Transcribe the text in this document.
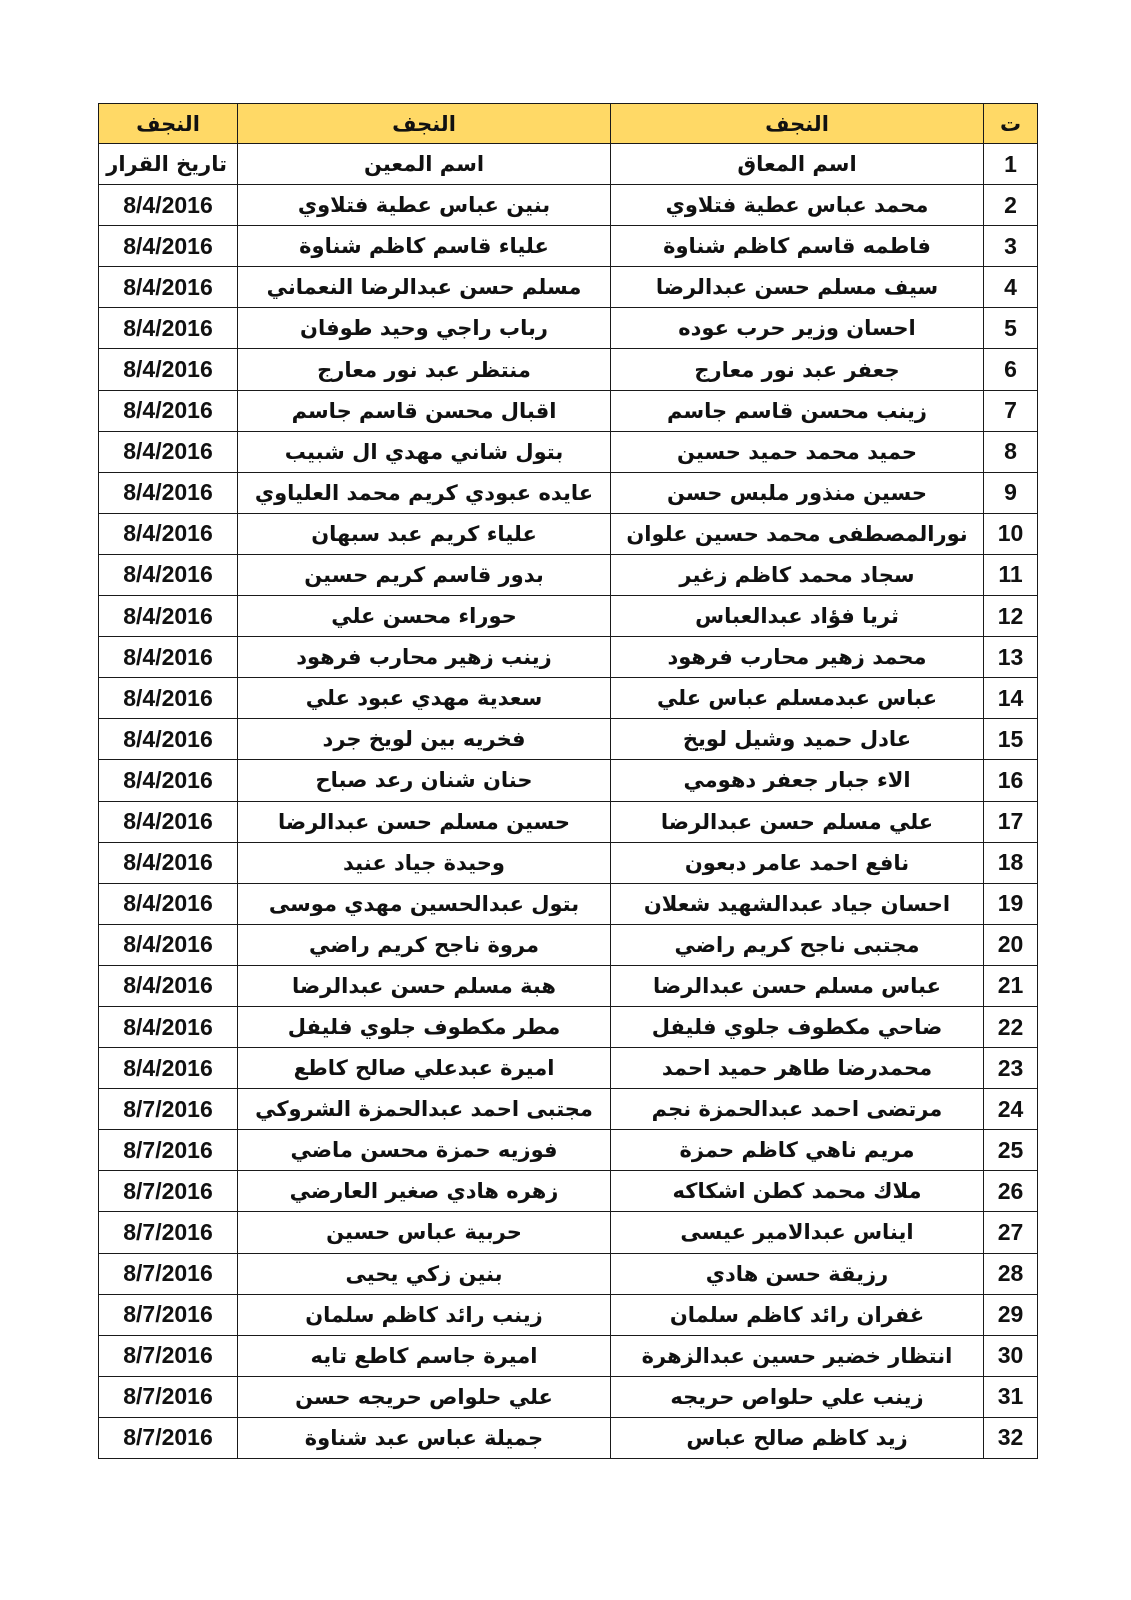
النجف	النجف	النجف	ت
تاريخ القرار	اسم المعين	اسم المعاق	1
8/4/2016	بنين عباس عطية فتلاوي	محمد عباس عطية فتلاوي	2
8/4/2016	علياء قاسم كاظم شناوة	فاطمه قاسم كاظم شناوة	3
8/4/2016	مسلم حسن عبدالرضا النعماني	سيف مسلم حسن عبدالرضا	4
8/4/2016	رباب راجي وحيد طوفان	احسان وزير حرب عوده	5
8/4/2016	منتظر عبد نور معارج	جعفر عبد نور معارج	6
8/4/2016	اقبال محسن قاسم جاسم	زينب محسن قاسم جاسم	7
8/4/2016	بتول شاني مهدي ال شبيب	حميد محمد حميد حسين	8
8/4/2016	عايده عبودي كريم محمد العلياوي	حسين منذور ملبس حسن	9
8/4/2016	علياء كريم عبد سبهان	نورالمصطفى محمد حسين علوان	10
8/4/2016	بدور قاسم كريم حسين	سجاد محمد كاظم زغير	11
8/4/2016	حوراء محسن علي	ثريا فؤاد عبدالعباس	12
8/4/2016	زينب زهير محارب فرهود	محمد زهير محارب فرهود	13
8/4/2016	سعدية مهدي عبود علي	عباس عبدمسلم عباس علي	14
8/4/2016	فخريه بين لويخ جرد	عادل حميد وشيل لويخ	15
8/4/2016	حنان شنان رعد صباح	الاء جبار جعفر دهومي	16
8/4/2016	حسين مسلم حسن عبدالرضا	علي مسلم حسن عبدالرضا	17
8/4/2016	وحيدة جياد عنيد	نافع احمد عامر دبعون	18
8/4/2016	بتول عبدالحسين مهدي موسى	احسان جياد عبدالشهيد شعلان	19
8/4/2016	مروة ناجح كريم راضي	مجتبى ناجح كريم راضي	20
8/4/2016	هبة مسلم حسن عبدالرضا	عباس مسلم حسن عبدالرضا	21
8/4/2016	مطر مكطوف جلوي فليفل	ضاحي مكطوف جلوي فليفل	22
8/4/2016	اميرة عبدعلي صالح كاطع	محمدرضا طاهر حميد احمد	23
8/7/2016	مجتبى احمد عبدالحمزة الشروكي	مرتضى احمد عبدالحمزة نجم	24
8/7/2016	فوزيه حمزة محسن ماضي	مريم ناهي كاظم حمزة	25
8/7/2016	زهره هادي صغير العارضي	ملاك محمد كطن اشكاكه	26
8/7/2016	حربية عباس حسين	ايناس عبدالامير عيسى	27
8/7/2016	بنين زكي يحيى	رزيقة حسن هادي	28
8/7/2016	زينب رائد كاظم سلمان	غفران رائد كاظم سلمان	29
8/7/2016	اميرة جاسم كاطع تايه	انتظار خضير حسين عبدالزهرة	30
8/7/2016	علي حلواص حريجه حسن	زينب علي حلواص حريجه	31
8/7/2016	جميلة عباس عبد شناوة	زيد كاظم صالح عباس	32
